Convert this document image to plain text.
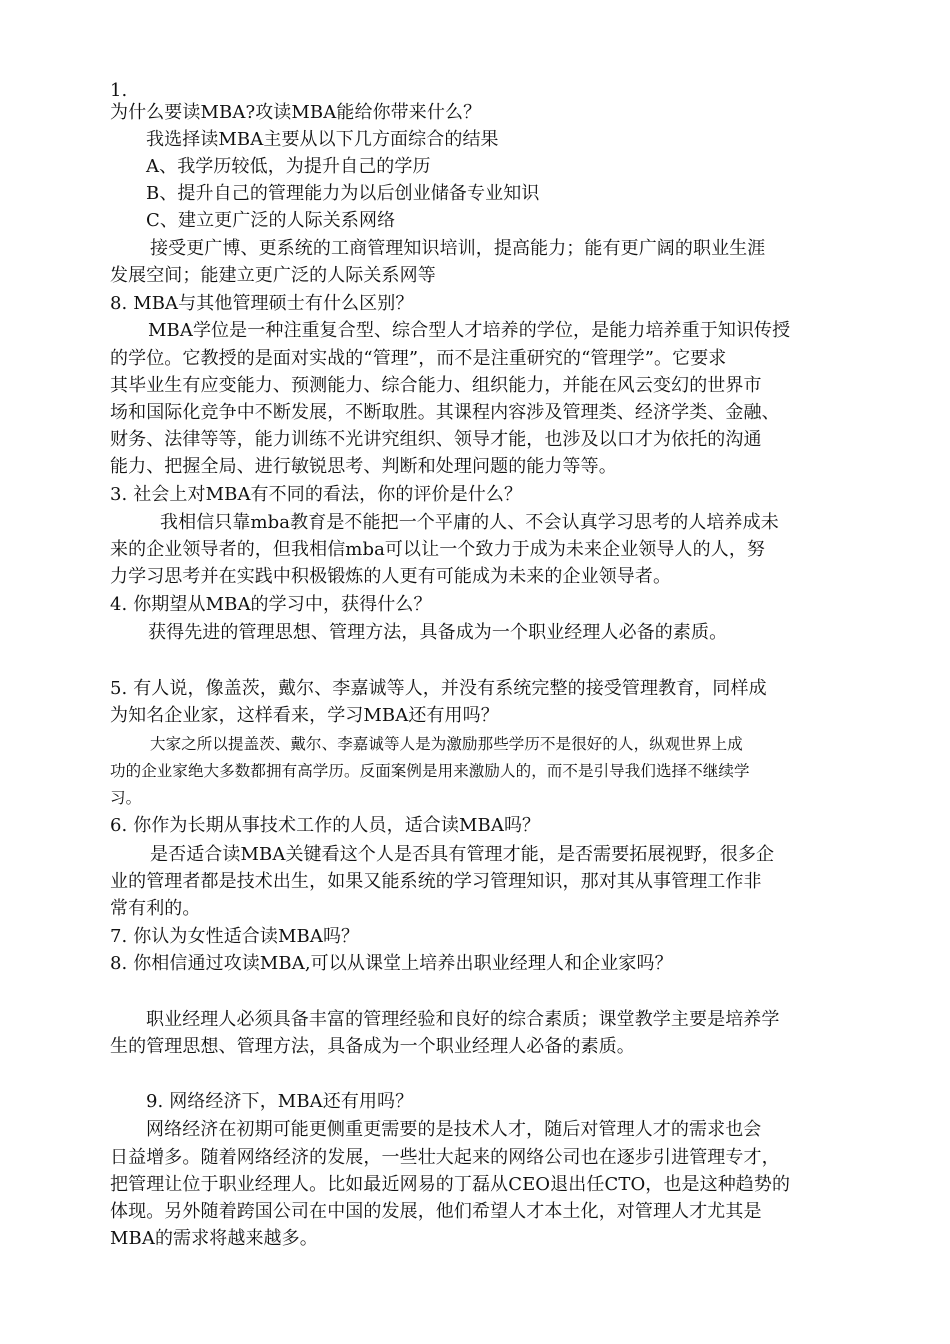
1.
为什么要读MBA?攻读MBA能给你带来什么？
我选择读MBA主要从以下几方面综合的结果
A、我学历较低，为提升自己的学历
B、提升自己的管理能力为以后创业储备专业知识
C、建立更广泛的人际关系网络
接受更广博、更系统的工商管理知识培训，提高能力；能有更广阔的职业生涯
发展空间；能建立更广泛的人际关系网等
8. MBA与其他管理硕士有什么区别？
MBA学位是一种注重复合型、综合型人才培养的学位，是能力培养重于知识传授
的学位。它教授的是面对实战的“管理”，而不是注重研究的“管理学”。它要求
其毕业生有应变能力、预测能力、综合能力、组织能力，并能在风云变幻的世界市
场和国际化竞争中不断发展，不断取胜。其课程内容涉及管理类、经济学类、金融、
财务、法律等等，能力训练不光讲究组织、领导才能，也涉及以口才为依托的沟通
能力、把握全局、进行敏锐思考、判断和处理问题的能力等等。
3. 社会上对MBA有不同的看法，你的评价是什么？
我相信只靠mba教育是不能把一个平庸的人、不会认真学习思考的人培养成未
来的企业领导者的，但我相信mba可以让一个致力于成为未来企业领导人的人，努
力学习思考并在实践中积极锻炼的人更有可能成为未来的企业领导者。
4. 你期望从MBA的学习中，获得什么？
获得先进的管理思想、管理方法，具备成为一个职业经理人必备的素质。
5. 有人说，像盖茨，戴尔、李嘉诚等人，并没有系统完整的接受管理教育，同样成
为知名企业家，这样看来，学习MBA还有用吗？
大家之所以提盖茨、戴尔、李嘉诚等人是为激励那些学历不是很好的人，纵观世界上成
功的企业家绝大多数都拥有高学历。反面案例是用来激励人的，而不是引导我们选择不继续学
习。
6. 你作为长期从事技术工作的人员，适合读MBA吗？
是否适合读MBA关键看这个人是否具有管理才能，是否需要拓展视野，很多企
业的管理者都是技术出生，如果又能系统的学习管理知识，那对其从事管理工作非
常有利的。
7. 你认为女性适合读MBA吗？
8. 你相信通过攻读MBA,可以从课堂上培养出职业经理人和企业家吗？
职业经理人必须具备丰富的管理经验和良好的综合素质；课堂教学主要是培养学
生的管理思想、管理方法，具备成为一个职业经理人必备的素质。
9. 网络经济下，MBA还有用吗？
网络经济在初期可能更侧重更需要的是技术人才，随后对管理人才的需求也会
日益增多。随着网络经济的发展，一些壮大起来的网络公司也在逐步引进管理专才，
把管理让位于职业经理人。比如最近网易的丁磊从CEO退出任CTO，也是这种趋势的
体现。另外随着跨国公司在中国的发展，他们希望人才本土化，对管理人才尤其是
MBA的需求将越来越多。
